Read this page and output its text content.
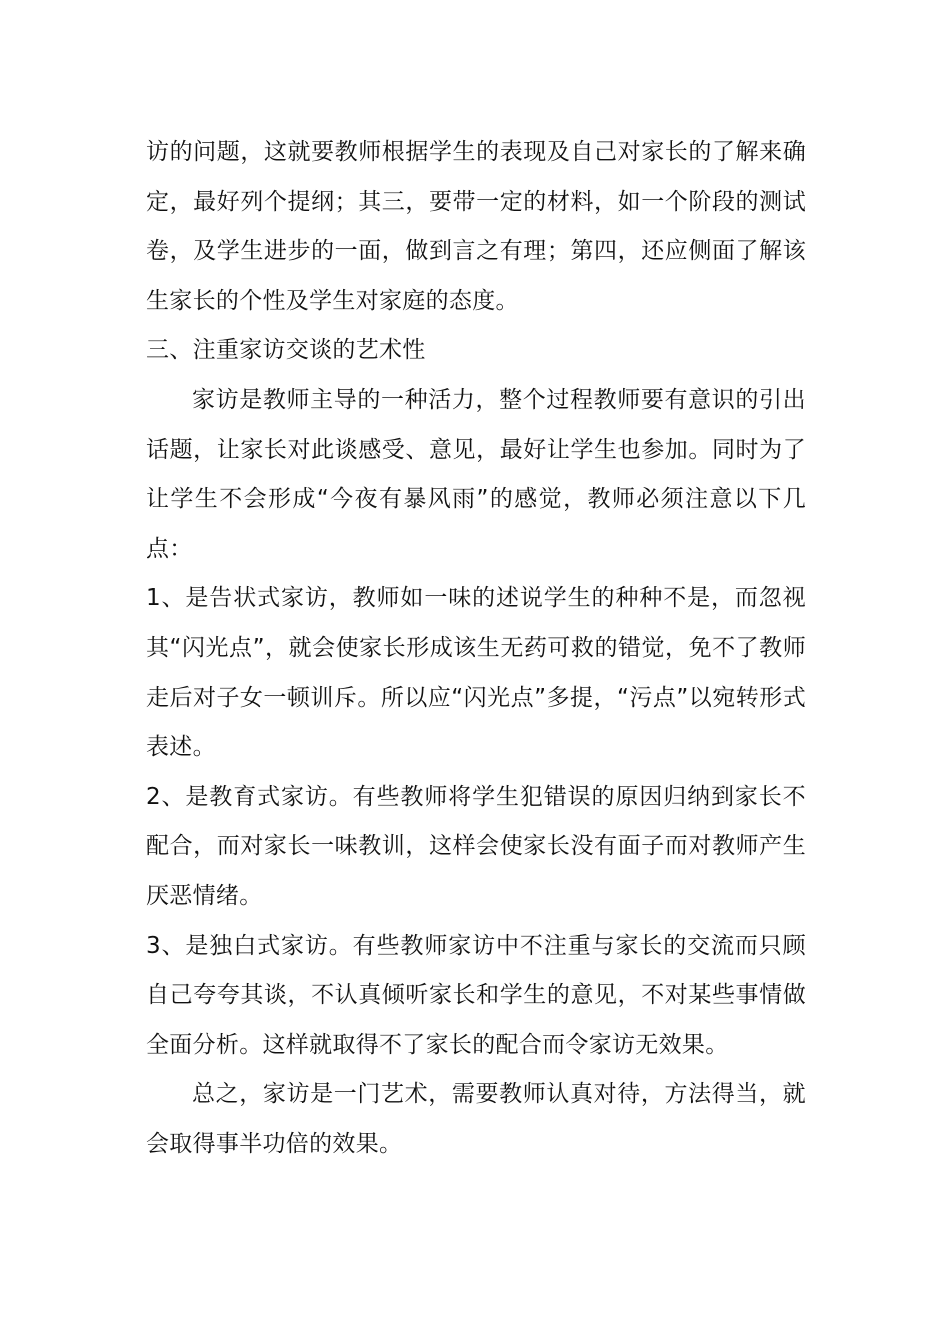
访的问题，这就要教师根据学生的表现及自己对家长的了解来确定，最好列个提纲；其三，要带一定的材料，如一个阶段的测试卷，及学生进步的一面，做到言之有理；第四，还应侧面了解该生家长的个性及学生对家庭的态度。

三、注重家访交谈的艺术性

家访是教师主导的一种活力，整个过程教师要有意识的引出话题，让家长对此谈感受、意见，最好让学生也参加。同时为了让学生不会形成“今夜有暴风雨”的感觉，教师必须注意以下几点：

1、是告状式家访，教师如一味的述说学生的种种不是，而忽视其“闪光点”，就会使家长形成该生无药可救的错觉，免不了教师走后对子女一顿训斥。所以应“闪光点”多提，“污点”以宛转形式表述。

2、是教育式家访。有些教师将学生犯错误的原因归纳到家长不配合，而对家长一味教训，这样会使家长没有面子而对教师产生厌恶情绪。

3、是独白式家访。有些教师家访中不注重与家长的交流而只顾自己夸夸其谈，不认真倾听家长和学生的意见，不对某些事情做全面分析。这样就取得不了家长的配合而令家访无效果。

总之，家访是一门艺术，需要教师认真对待，方法得当，就会取得事半功倍的效果。
